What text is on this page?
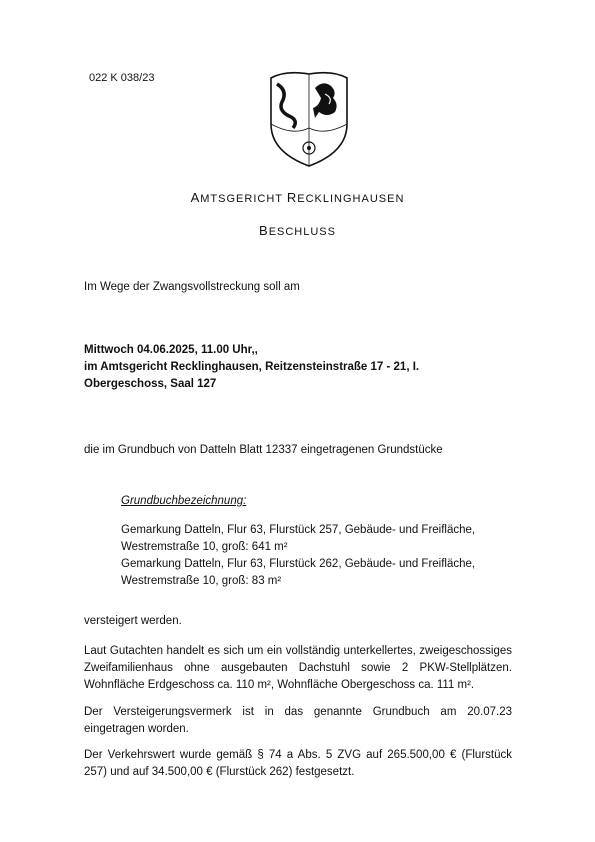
022 K 038/23
AMTSGERICHT RECKLINGHAUSEN
BESCHLUSS
Im Wege der Zwangsvollstreckung soll am
Mittwoch 04.06.2025, 11.00 Uhr,,
im Amtsgericht Recklinghausen, Reitzensteinstraße 17 - 21, I.
Obergeschoss, Saal 127
die im Grundbuch von Datteln Blatt 12337 eingetragenen Grundstücke
Grundbuchbezeichnung:
Gemarkung Datteln, Flur 63, Flurstück 257, Gebäude- und Freifläche,
Westremstraße 10, groß: 641 m²
Gemarkung Datteln, Flur 63, Flurstück 262, Gebäude- und Freifläche,
Westremstraße 10, groß: 83 m²
versteigert werden.
Laut Gutachten handelt es sich um ein vollständig unterkellertes, zweigeschossiges Zweifamilienhaus ohne ausgebauten Dachstuhl sowie 2 PKW-Stellplätzen. Wohnfläche Erdgeschoss ca. 110 m², Wohnfläche Obergeschoss ca. 111 m².
Der Versteigerungsvermerk ist in das genannte Grundbuch am 20.07.23 eingetragen worden.
Der Verkehrswert wurde gemäß § 74 a Abs. 5 ZVG auf 265.500,00 € (Flurstück 257) und auf 34.500,00 € (Flurstück 262) festgesetzt.
